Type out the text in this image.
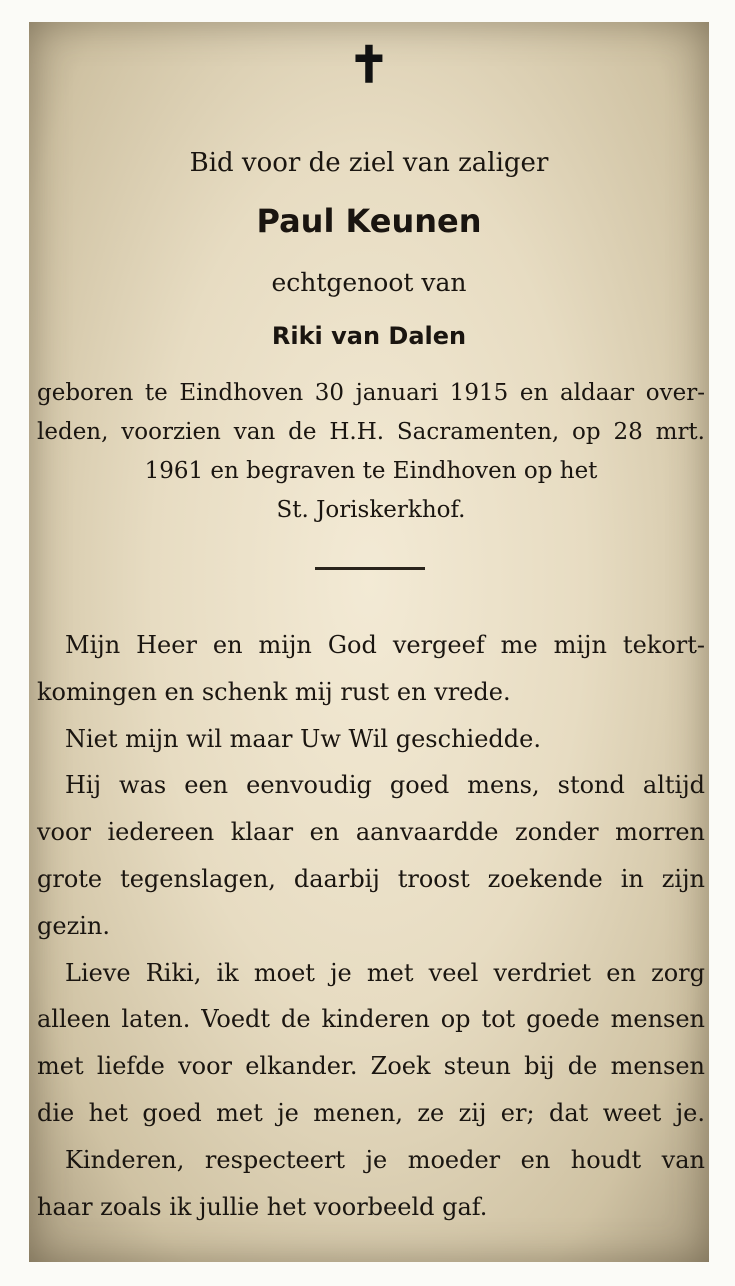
✝
Bid voor de ziel van zaliger
Paul Keunen
echtgenoot van
Riki van Dalen
geboren te Eindhoven 30 januari 1915 en aldaar over-
leden, voorzien van de H.H. Sacramenten, op 28 mrt.
1961 en begraven te Eindhoven op het
St. Joriskerkhof.
Mijn Heer en mijn God vergeef me mijn tekort-
komingen en schenk mij rust en vrede.
Niet mijn wil maar Uw Wil geschiedde.
Hij was een eenvoudig goed mens, stond altijd
voor iedereen klaar en aanvaardde zonder morren
grote tegenslagen, daarbij troost zoekende in zijn
gezin.
Lieve Riki, ik moet je met veel verdriet en zorg
alleen laten. Voedt de kinderen op tot goede mensen
met liefde voor elkander. Zoek steun bij de mensen
die het goed met je menen, ze zij er; dat weet je.
Kinderen, respecteert je moeder en houdt van
haar zoals ik jullie het voorbeeld gaf.
